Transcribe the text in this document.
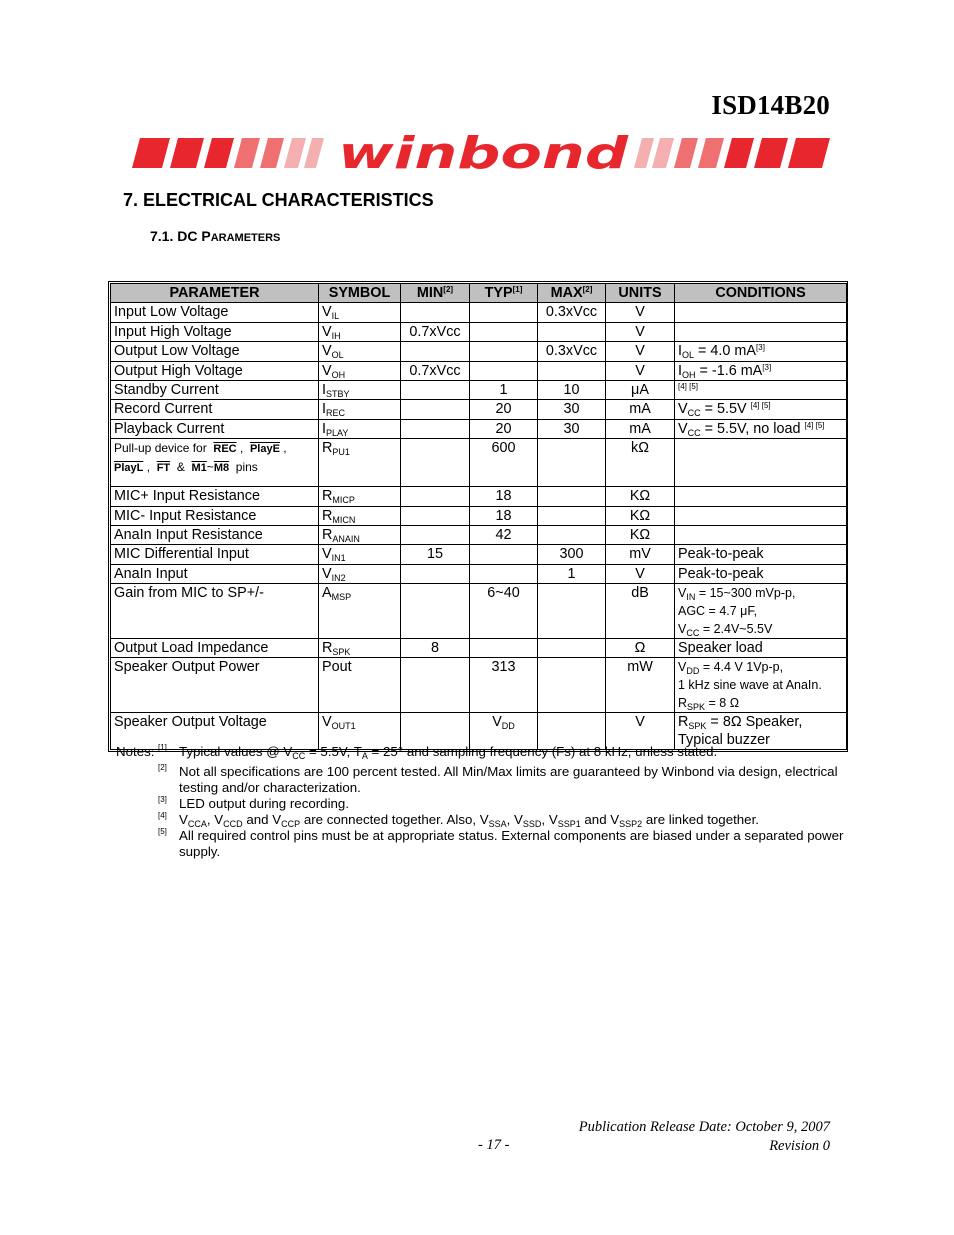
ISD14B20
winbond
7. ELECTRICAL CHARACTERISTICS
7.1. DC PARAMETERS
PARAMETER	SYMBOL	MIN[2]	TYP[1]	MAX[2]	UNITS	CONDITIONS
Input Low Voltage	$V_{IL}$			0.3xVcc	V	
Input High Voltage	$V_{IH}$	0.7xVcc			V	
Output Low Voltage	$V_{OL}$			0.3xVcc	V	$I_{OL} = 4.0$ mA[3]
Output High Voltage	$V_{OH}$	0.7xVcc			V	$I_{OH} = -1.6$ mA[3]
Standby Current	$I_{STBY}$		1	10	μA	[4] [5]
Record Current	$I_{REC}$		20	30	mA	$V_{CC} = 5.5V$ [4] [5]
Playback Current	$I_{PLAY}$		20	30	mA	$V_{CC} = 5.5V$, no load [4] [5]
Pull-up device for $\overline{REC}$ ,  PlayE ,
PlayL ,  $\overline{FT}$ & M1~M8 pins	$R_{PU1}$		600		kΩ	
MIC+ Input Resistance	$R_{MICP}$		18		KΩ	
MIC- Input Resistance	$R_{MICN}$		18		KΩ	
AnaIn Input Resistance	$R_{ANAIN}$		42		KΩ	
MIC Differential Input	$V_{IN1}$	15		300	mV	Peak-to-peak
AnaIn Input	$V_{IN2}$			1	V	Peak-to-peak
Gain from MIC to SP+/-	$A_{MSP}$		6~40		dB	$V_{IN}$ = 15~300 mVp-p,
AGC = 4.7 μF,
$V_{CC}$ = 2.4V~5.5V
Output Load Impedance	$R_{SPK}$	8			Ω	Speaker load
Speaker Output Power	Pout		313		mW	$V_{DD} = 4.4$ V 1Vp-p,
1 kHz sine wave at AnaIn.
$R_{SPK} = 8$ Ω
Speaker Output Voltage	$V_{OUT1}$		$V_{DD}$		V	$R_{SPK} = 8\Omega$ Speaker,
Typical buzzer
Notes: [1] Typical values @ $V_{CC} = 5.5V$, $T_A = 25^\circ$ and sampling frequency (Fs) at 8 kHz, unless stated.
[2] Not all specifications are 100 percent tested. All Min/Max limits are guaranteed by Winbond via design, electrical testing and/or characterization.
[3] LED output during recording.
[4] $V_{CCA}$, $V_{CCD}$ and $V_{CCP}$ are connected together. Also, $V_{SSA}$, $V_{SSD}$, $V_{SSP1}$ and $V_{SSP2}$ are linked together.
[5] All required control pins must be at appropriate status. External components are biased under a separated power supply.
Publication Release Date: October 9, 2007
Revision 0
- 17 -
